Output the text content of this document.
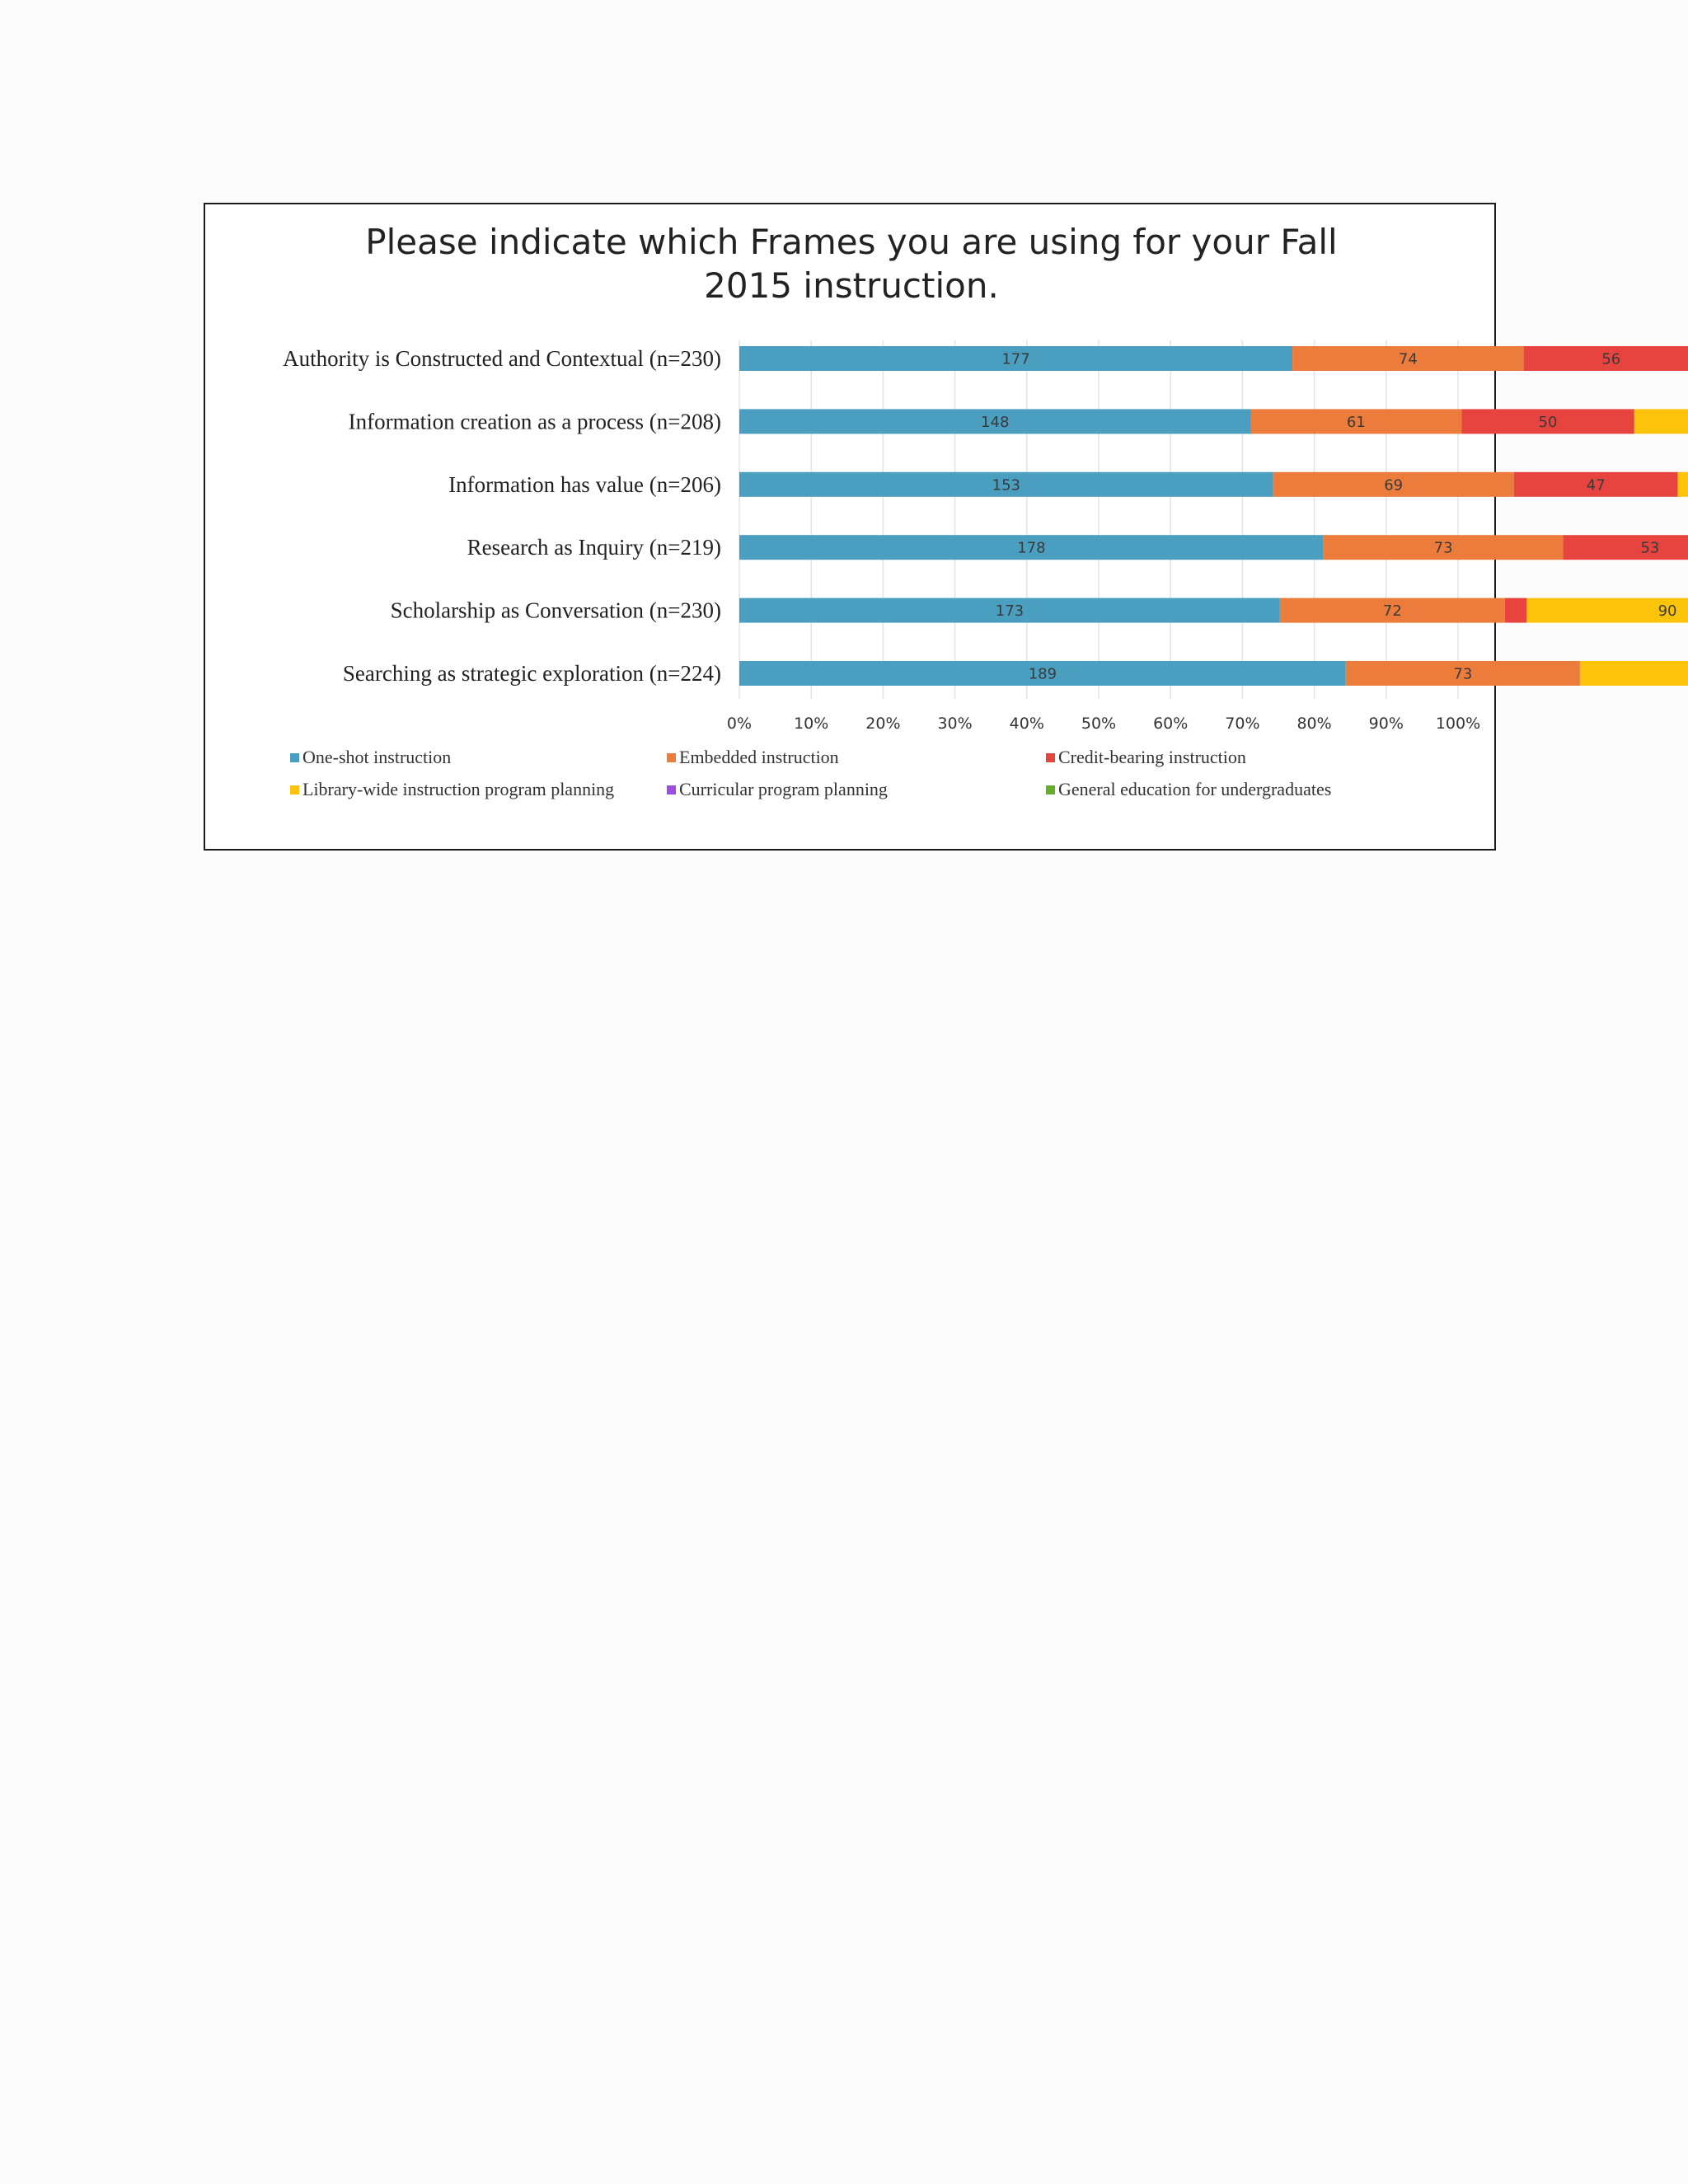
Please indicate which Frames you are using for your Fall
2015 instruction.
177	74	56
148	61	50
153	69	47
178	73	53
173	72	90
189	73
Authority is Constructed and Contextual (n=230)
Information creation as a process (n=208)
Information has value (n=206)
Research as Inquiry (n=219)
Scholarship as Conversation (n=230)
Searching as strategic exploration (n=224)
0%	10% 20% 30% 40% 50% 60% 70% 80% 90% 100%
One-shot instruction	Embedded instruction	Credit-bearing instruction
Library-wide instruction program planning	Curricular program planning	General education for undergraduates
